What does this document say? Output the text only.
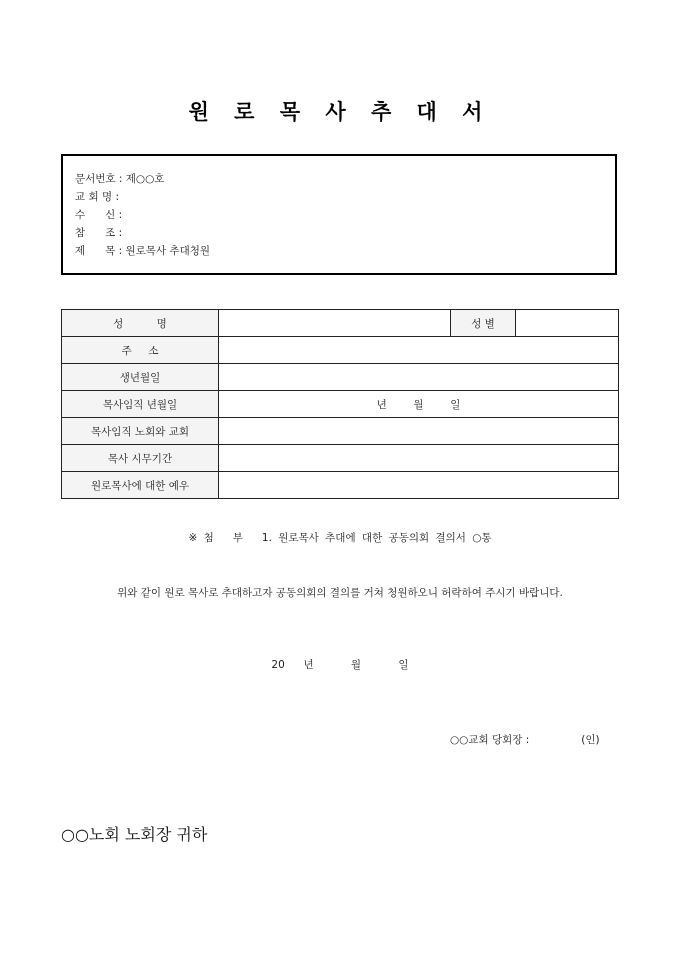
원 로 목 사 추 대 서
문서번호 : 제○○호
교 회 명 :
수      신 :
참      조 :
제      목 : 원로목사 추대청원
성          명		성 별	
주     소			
생년월일			
목사임직 년월일	년        월        일		
목사임직 노회와 교회			
목사 시무기간			
원로목사에 대한 예우			
※ 첨   부   1. 원로목사 추대에 대한 공동의회 결의서 ○통
위와 같이 원로 목사로 추대하고자 공동의회의 결의를 거쳐 청원하오니 허락하여 주시기 바랍니다.
20  년    월    일
○○교회 당회장 :	(인)
○○노회 노회장 귀하
